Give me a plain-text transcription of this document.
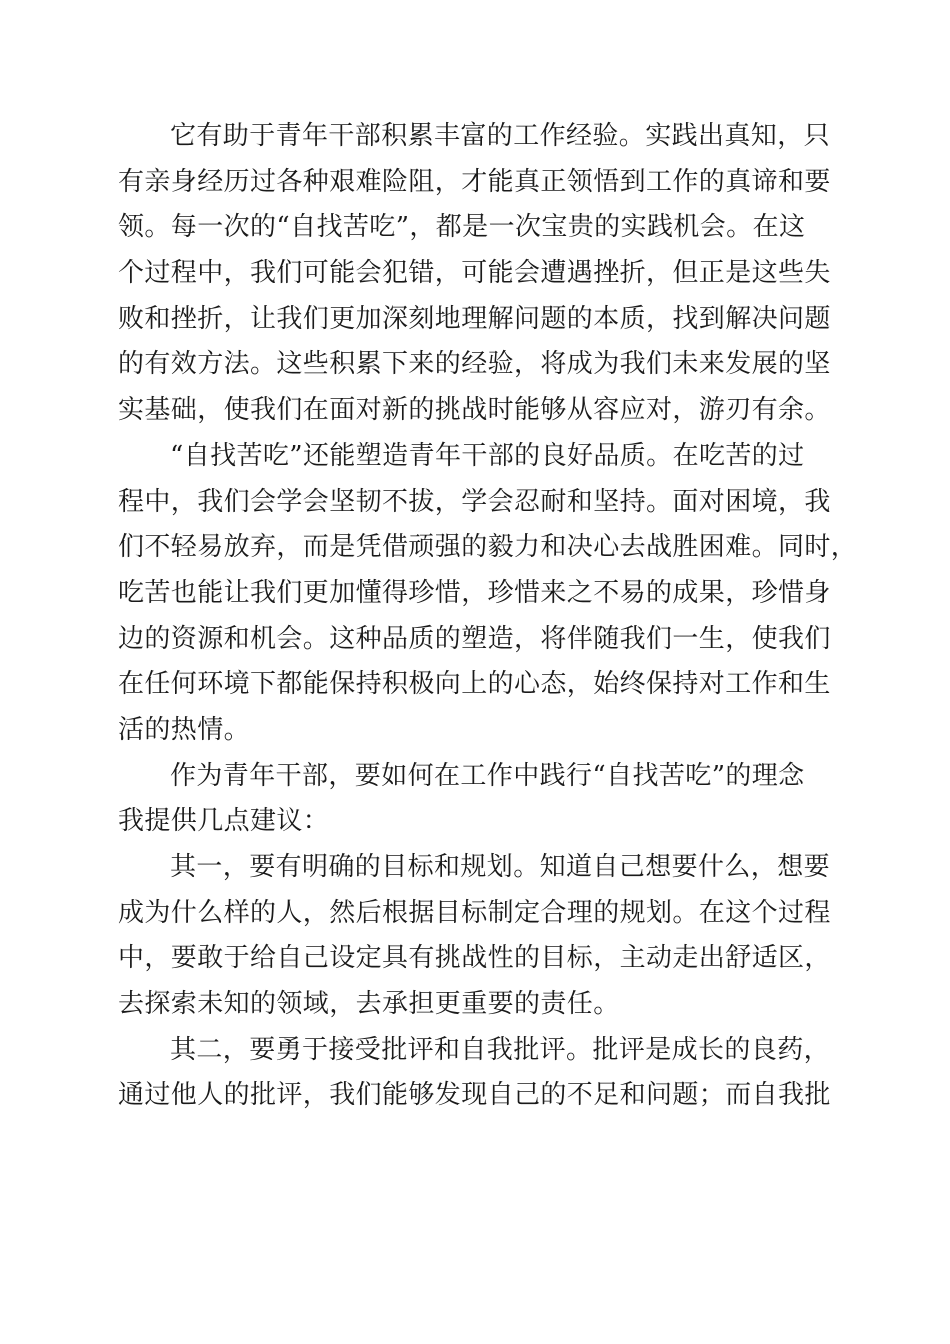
它有助于青年干部积累丰富的工作经验。实践出真知，只
有亲身经历过各种艰难险阻，才能真正领悟到工作的真谛和要
领。每一次的“自找苦吃”，都是一次宝贵的实践机会。在这
个过程中，我们可能会犯错，可能会遭遇挫折，但正是这些失
败和挫折，让我们更加深刻地理解问题的本质，找到解决问题
的有效方法。这些积累下来的经验，将成为我们未来发展的坚
实基础，使我们在面对新的挑战时能够从容应对，游刃有余。
“自找苦吃”还能塑造青年干部的良好品质。在吃苦的过
程中，我们会学会坚韧不拔，学会忍耐和坚持。面对困境，我
们不轻易放弃，而是凭借顽强的毅力和决心去战胜困难。同时，
吃苦也能让我们更加懂得珍惜，珍惜来之不易的成果，珍惜身
边的资源和机会。这种品质的塑造，将伴随我们一生，使我们
在任何环境下都能保持积极向上的心态，始终保持对工作和生
活的热情。
作为青年干部，要如何在工作中践行“自找苦吃”的理念
我提供几点建议：
其一，要有明确的目标和规划。知道自己想要什么，想要
成为什么样的人，然后根据目标制定合理的规划。在这个过程
中，要敢于给自己设定具有挑战性的目标，主动走出舒适区，
去探索未知的领域，去承担更重要的责任。
其二，要勇于接受批评和自我批评。批评是成长的良药，
通过他人的批评，我们能够发现自己的不足和问题；而自我批
